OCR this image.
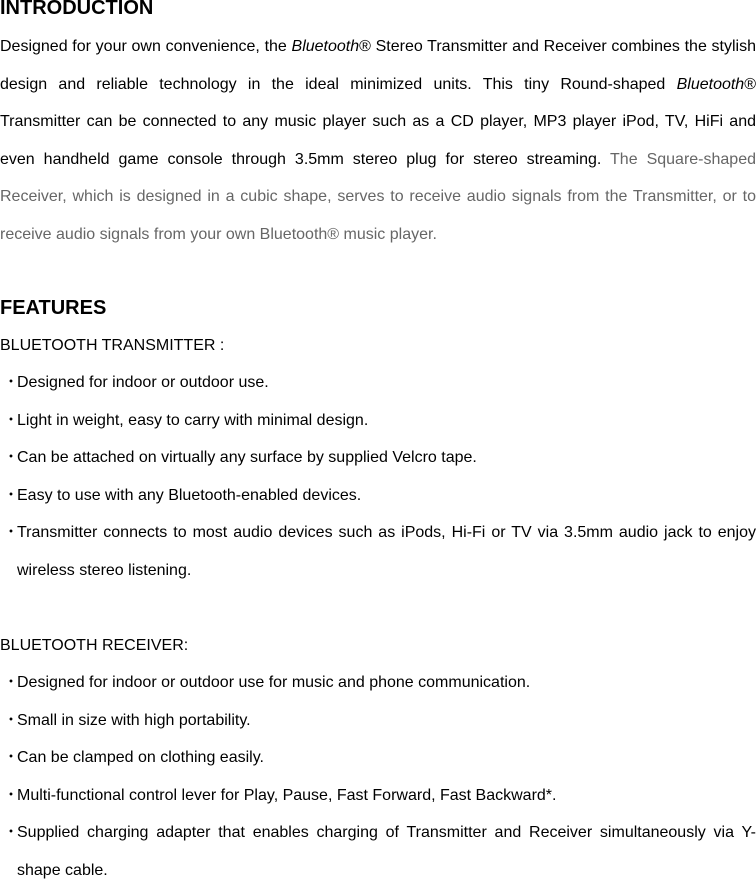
INTRODUCTION

Designed for your own convenience, the Bluetooth® Stereo Transmitter and Receiver combines the stylish design and reliable technology in the ideal minimized units. This tiny Round-shaped Bluetooth® Transmitter can be connected to any music player such as a CD player, MP3 player iPod, TV, HiFi and even handheld game console through 3.5mm stereo plug for stereo streaming. The Square-shaped Receiver, which is designed in a cubic shape, serves to receive audio signals from the Transmitter, or to receive audio signals from your own Bluetooth® music player.

FEATURES

BLUETOOTH TRANSMITTER :

・
Designed for indoor or outdoor use.
・
Light in weight, easy to carry with minimal design.
・
Can be attached on virtually any surface by supplied Velcro tape.
・
Easy to use with any Bluetooth-enabled devices.
・
Transmitter connects to most audio devices such as iPods, Hi-Fi or TV via 3.5mm audio jack to enjoy wireless stereo listening.

BLUETOOTH RECEIVER:

・
Designed for indoor or outdoor use for music and phone communication.
・
Small in size with high portability.
・
Can be clamped on clothing easily.
・
Multi-functional control lever for Play, Pause, Fast Forward, Fast Backward*.
・
Supplied charging adapter that enables charging of Transmitter and Receiver simultaneously via Y-shape cable.
